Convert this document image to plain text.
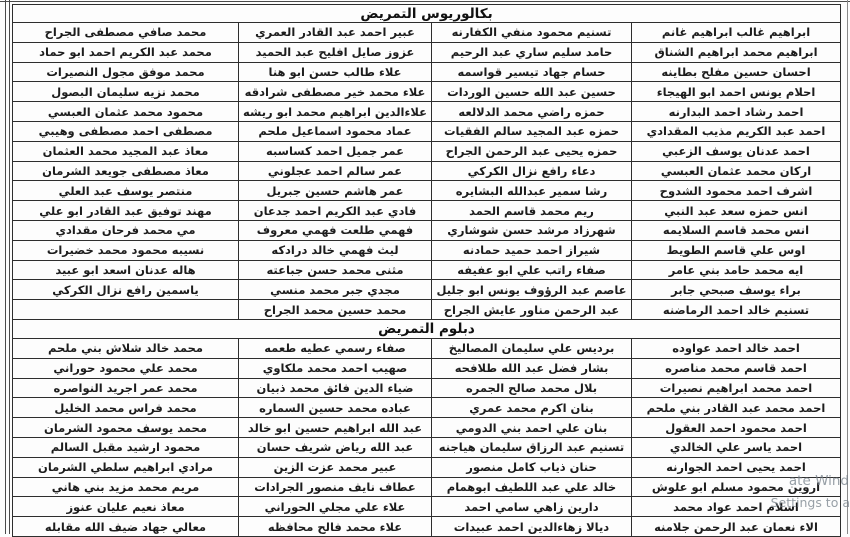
بكالوريوس التمريض			
ابراهيم غالب ابراهيم غانم	تسنيم محمود منفي الكفارنه	عبير احمد عبد القادر العمري	محمد صافي مصطفى الجراح
ابراهيم محمد ابراهيم الشناق	حامد سليم ساري عبد الرحيم	عزوز صايل افليح عبد الحميد	محمد عبد الكريم احمد ابو حماد
احسان حسين مفلح بطاينه	حسام جهاد تيسير قواسمه	علاء طالب حسن ابو هنا	محمد موفق مجول النصيرات
احلام يونس احمد ابو الهيجاء	حسين عبد الله حسين الوردات	علاء محمد خير مصطفى شرادقه	محمد نزيه سليمان البصول
احمد رشاد احمد البدارنه	حمزه راضي محمد الدلالعه	علاءالدين ابراهيم محمد ابو ريشه	محمود محمد عثمان العبسي
احمد عبد الكريم مذيب المقدادي	حمزه عبد المجيد سالم الفقيات	عماد محمود اسماعيل ملحم	مصطفى احمد مصطفى وهيبي
احمد عدنان يوسف الزعبي	حمزه يحيى عبد الرحمن الجراح	عمر جميل احمد كساسبه	معاذ عبد المجيد محمد العثمان
اركان محمد عثمان العبسي	دعاء رافع نزال الكركي	عمر سالم احمد عجلوني	معاذ مصطفى جويعد الشرمان
اشرف احمد محمود الشدوح	رشا سمير عبدالله البشايره	عمر هاشم حسين جبريل	منتصر يوسف عبد العلي
انس حمزه سعد عبد النبي	ريم محمد قاسم الحمد	فادي عبد الكريم احمد جدعان	مهند توفيق عبد القادر ابو علي
انس محمد قاسم السلايمه	شهرزاد مرشد حسن شوشاري	فهمي طلعت فهمي معروف	مي محمد فرحان مقدادي
اوس علي قاسم الطويط	شيراز احمد حميد حمادنه	ليث فهمي خالد درادكه	نسيبه محمود محمد خضيرات
ايه محمد حامد بني عامر	صفاء راتب علي ابو عفيفه	مثنى محمد حسن جباعته	هاله عدنان اسعد ابو عبيد
براء يوسف صبحي جابر	عاصم عبد الرؤوف يونس ابو جليل	مجدي جبر محمد منسي	ياسمين رافع نزال الكركي
تسنيم خالد احمد الرماضنه	عبد الرحمن مناور عايش الجراح	محمد حسين محمد الجراح	
دبلوم التمريض			
احمد خالد احمد عواوده	برديس علي سليمان المصاليخ	صفاء رسمي عطيه طعمه	محمد خالد شلاش بني ملحم
احمد قاسم محمد مناصره	بشار فضل عبد الله طلافحه	صهيب احمد محمد ملكاوي	محمد علي محمود حوراني
احمد محمد ابراهيم نصيرات	بلال محمد صالح الجمره	ضياء الدين فائق محمد ذبيان	محمد عمر اجريد النواصره
احمد محمد عبد القادر بني ملحم	بنان اكرم محمد عمري	عباده محمد حسين السماره	محمد فراس محمد الخليل
احمد محمود احمد العقول	بنان علي احمد بني الدومي	عبد الله ابراهيم حسين ابو خالد	محمد يوسف محمود الشرمان
احمد ياسر علي الخالدي	تسنيم عبد الرزاق سليمان هياجنه	عبد الله رياض شريف حسان	محمود ارشيد مقبل السالم
احمد يحيى احمد الجوارنه	حنان ذياب كامل منصور	عبير محمد عزت الزين	مرادي ابراهيم سلطي الشرمان
اروين محمود مسلم ابو علوش	خالد علي عبد اللطيف ابوهمام	عطاف نايف منصور الجرادات	مريم محمد مزيد بني هاني
اسلام احمد عواد محمد	دارين زاهي سامي احمد	علاء علي مجلي الحوراني	معاذ نعيم عليان عنوز
الاء نعمان عبد الرحمن جلامنه	ديالا زهاءالدين احمد عبيدات	علاء محمد فالح محافظه	معالي جهاد ضيف الله مقابله
ate Wind
Settings to a
